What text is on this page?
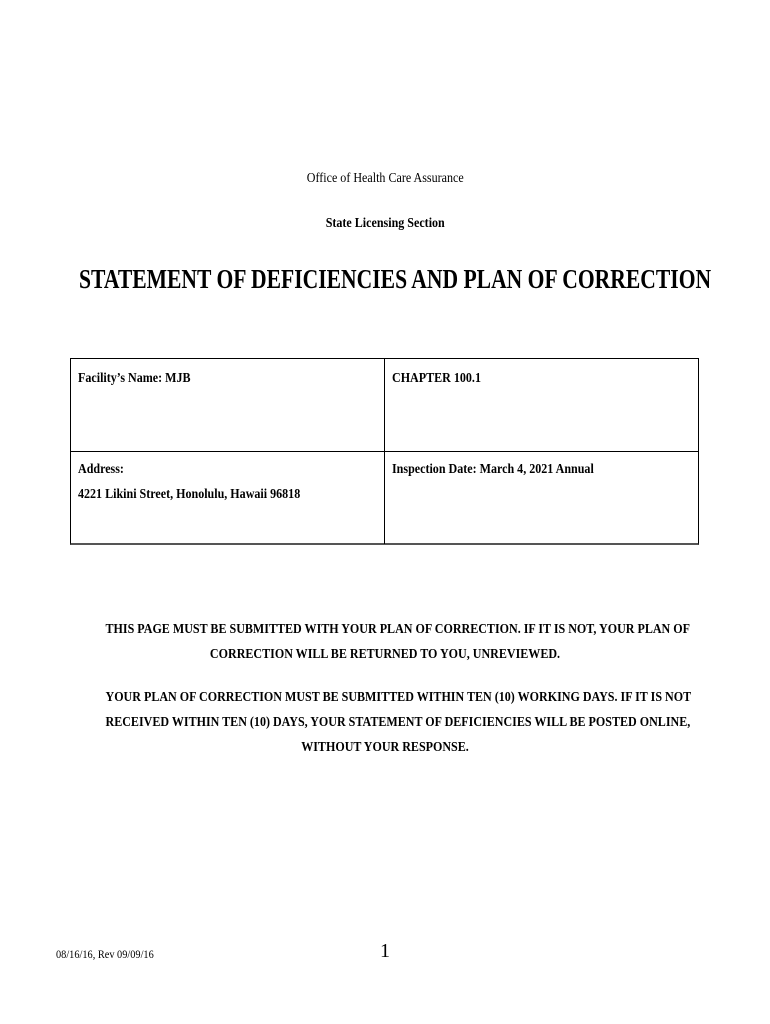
Office of Health Care Assurance
State Licensing Section
STATEMENT OF DEFICIENCIES AND PLAN OF CORRECTION
Facility’s Name: MJB	CHAPTER 100.1
Address:
4221 Likini Street, Honolulu, Hawaii 96818
Inspection Date: March 4, 2021 Annual
THIS PAGE MUST BE SUBMITTED WITH YOUR PLAN OF CORRECTION. IF IT IS NOT, YOUR PLAN OF
CORRECTION WILL BE RETURNED TO YOU, UNREVIEWED.
YOUR PLAN OF CORRECTION MUST BE SUBMITTED WITHIN TEN (10) WORKING DAYS. IF IT IS NOT
RECEIVED WITHIN TEN (10) DAYS, YOUR STATEMENT OF DEFICIENCIES WILL BE POSTED ONLINE,
WITHOUT YOUR RESPONSE.
08/16/16, Rev 09/09/16	1
